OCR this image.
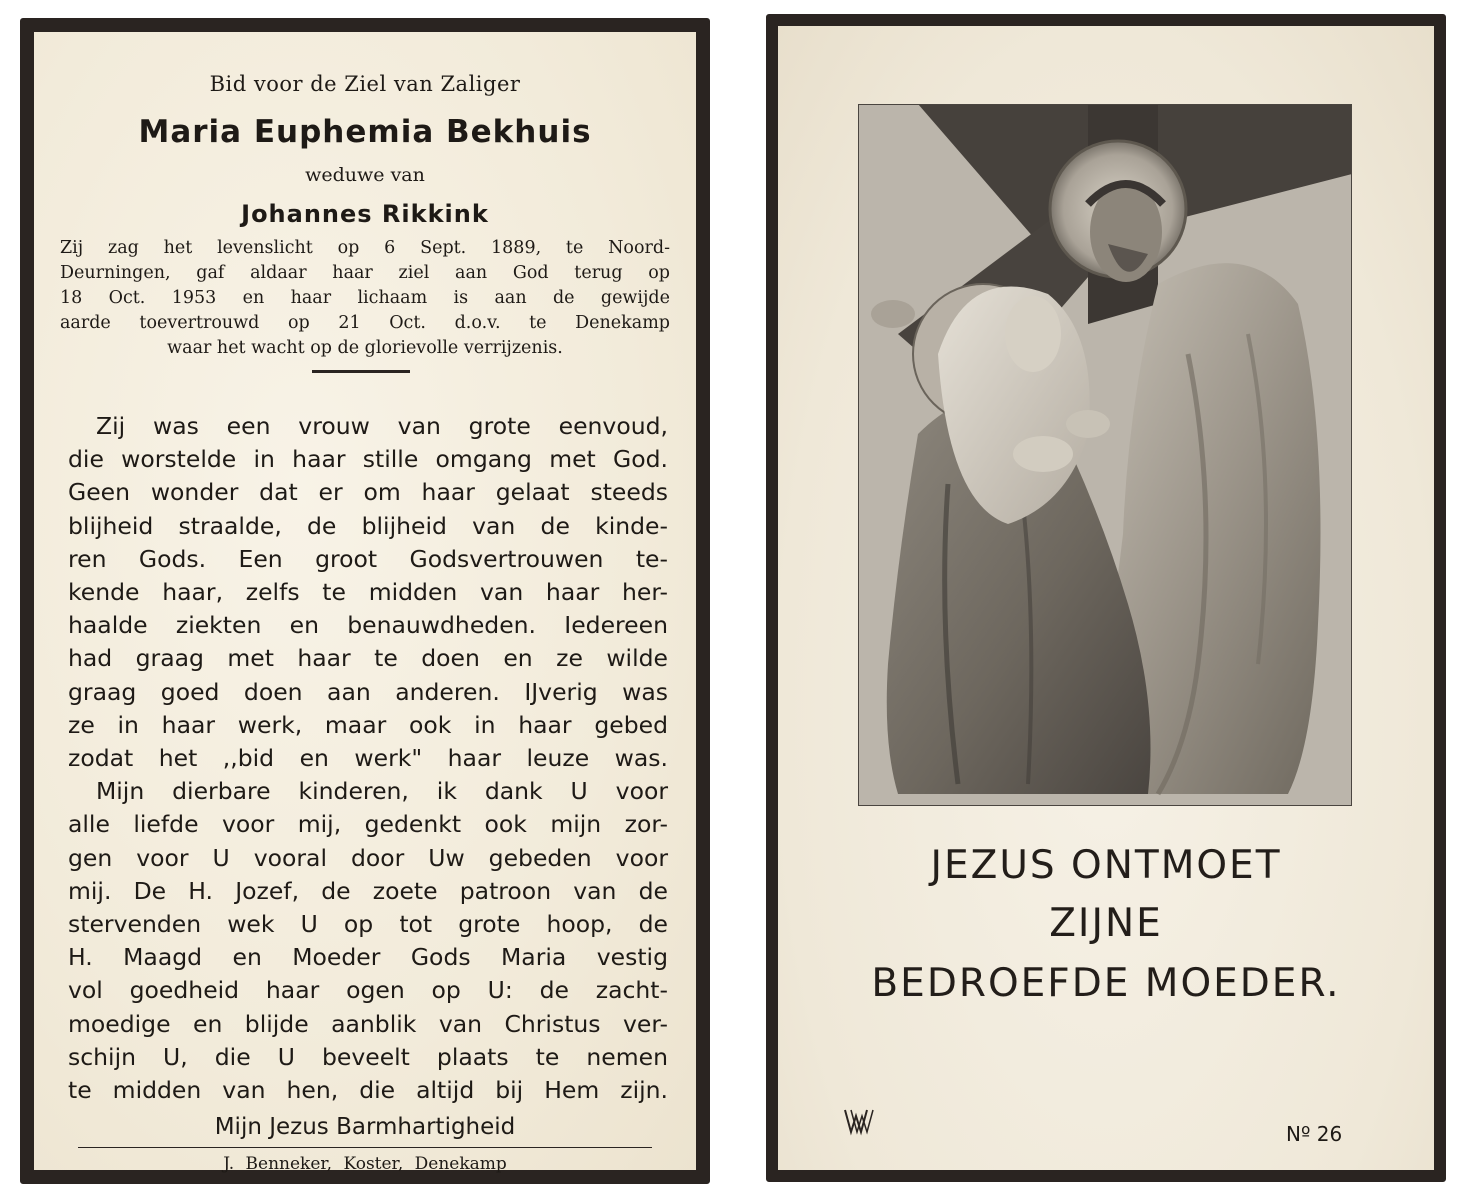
Bid voor de Ziel van Zaliger
Maria Euphemia Bekhuis
weduwe van
Johannes Rikkink
Zij zag het levenslicht op 6 Sept. 1889, te Noord-
Deurningen, gaf aldaar haar ziel aan God terug op
18 Oct. 1953 en haar lichaam is aan de gewijde
aarde toevertrouwd op 21 Oct. d.o.v. te Denekamp
waar het wacht op de glorievolle verrijzenis.
Zij was een vrouw van grote eenvoud,
die worstelde in haar stille omgang met God.
Geen wonder dat er om haar gelaat steeds
blijheid straalde, de blijheid van de kinde-
ren Gods. Een groot Godsvertrouwen te-
kende haar, zelfs te midden van haar her-
haalde ziekten en benauwdheden. Iedereen
had graag met haar te doen en ze wilde
graag goed doen aan anderen. IJverig was
ze in haar werk, maar ook in haar gebed
zodat het ,,bid en werk" haar leuze was.
Mijn dierbare kinderen, ik dank U voor
alle liefde voor mij, gedenkt ook mijn zor-
gen voor U vooral door Uw gebeden voor
mij. De H. Jozef, de zoete patroon van de
stervenden wek U op tot grote hoop, de
H. Maagd en Moeder Gods Maria vestig
vol goedheid haar ogen op U: de zacht-
moedige en blijde aanblik van Christus ver-
schijn U, die U beveelt plaats te nemen
te midden van hen, die altijd bij Hem zijn.
Mijn Jezus Barmhartigheid
J. Benneker, Koster, Denekamp
JEZUS ONTMOET
ZIJNE
BEDROEFDE MOEDER.
Nº 26
